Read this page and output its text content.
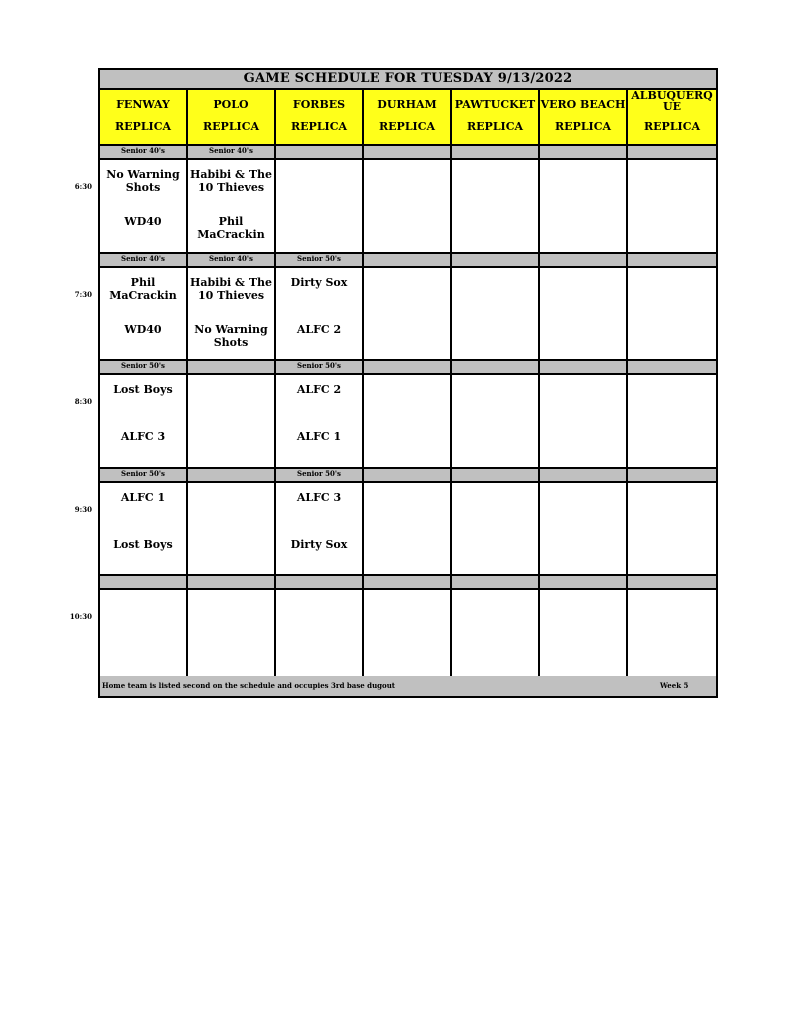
6:30
7:30
8:30
9:30
10:30
GAME SCHEDULE FOR TUESDAY 9/13/2022
FENWAY
REPLICA
POLO
REPLICA
FORBES
REPLICA
DURHAM
REPLICA
PAWTUCKET
REPLICA
VERO BEACH
REPLICA
ALBUQUERQUE
REPLICA
Senior 40's
No Warning Shots
WD40
Senior 40's
Habibi & The 10 Thieves
Phil MaCrackin
Senior 40's
Phil MaCrackin
WD40
Senior 40's
Habibi & The 10 Thieves
No Warning Shots
Senior 50's
Dirty Sox
ALFC 2
Senior 50's
Lost Boys
ALFC 3
Senior 50's
ALFC 2
ALFC 1
Senior 50's
ALFC 1
Lost Boys
Senior 50's
ALFC 3
Dirty Sox
Home team is listed second on the schedule and occupies 3rd base dugout	Week 5
